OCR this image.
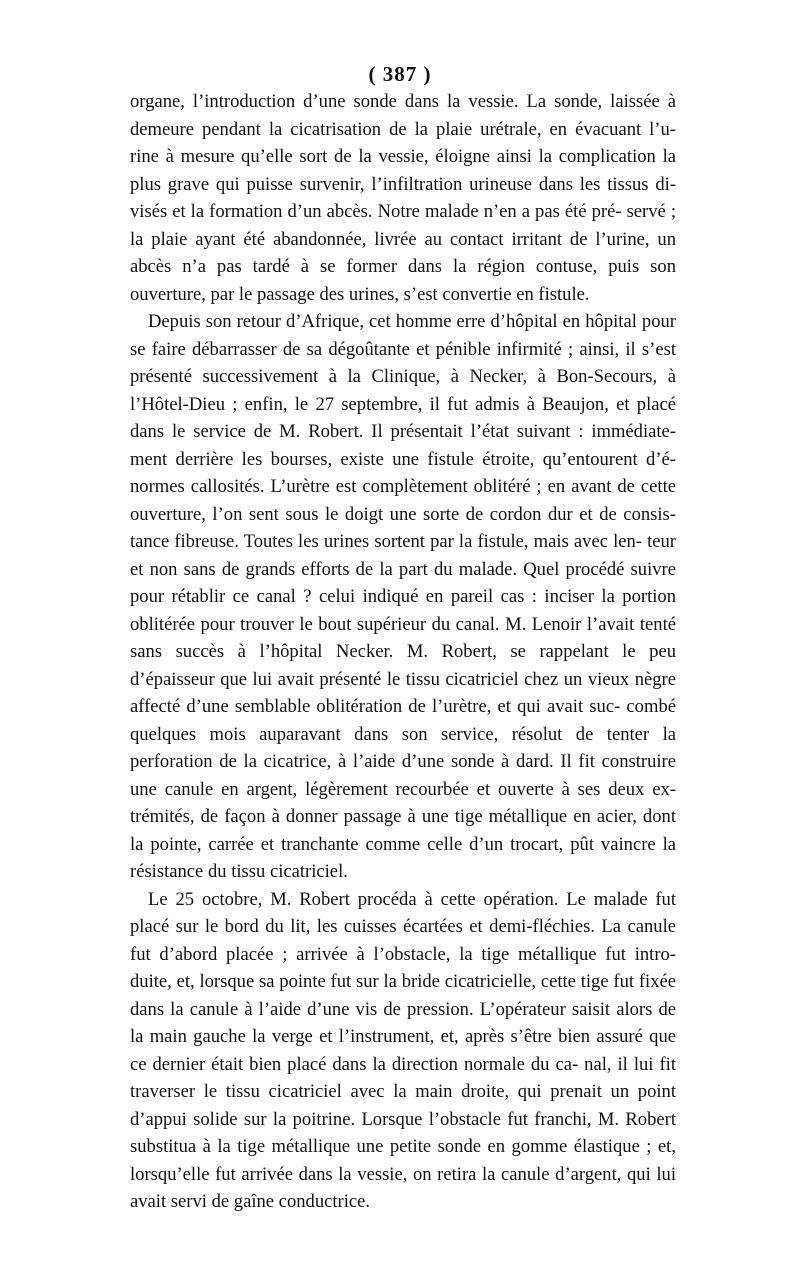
( 387 )

organe, l’introduction d’une sonde dans la vessie. La sonde, laissée à demeure pendant la cicatrisation de la plaie urétrale, en évacuant l’u- rine à mesure qu’elle sort de la vessie, éloigne ainsi la complication la plus grave qui puisse survenir, l’infiltration urineuse dans les tissus di- visés et la formation d’un abcès. Notre malade n’en a pas été pré- servé ; la plaie ayant été abandonnée, livrée au contact irritant de l’urine, un abcès n’a pas tardé à se former dans la région contuse, puis son ouverture, par le passage des urines, s’est convertie en fistule.

Depuis son retour d’Afrique, cet homme erre d’hôpital en hôpital pour se faire débarrasser de sa dégoûtante et pénible infirmité ; ainsi, il s’est présenté successivement à la Clinique, à Necker, à Bon-Secours, à l’Hôtel-Dieu ; enfin, le 27 septembre, il fut admis à Beaujon, et placé dans le service de M. Robert. Il présentait l’état suivant : immédiate- ment derrière les bourses, existe une fistule étroite, qu’entourent d’é- normes callosités. L’urètre est complètement oblitéré ; en avant de cette ouverture, l’on sent sous le doigt une sorte de cordon dur et de consis- tance fibreuse. Toutes les urines sortent par la fistule, mais avec len- teur et non sans de grands efforts de la part du malade. Quel procédé suivre pour rétablir ce canal ? celui indiqué en pareil cas : inciser la portion oblitérée pour trouver le bout supérieur du canal. M. Lenoir l’avait tenté sans succès à l’hôpital Necker. M. Robert, se rappelant le peu d’épaisseur que lui avait présenté le tissu cicatriciel chez un vieux nègre affecté d’une semblable oblitération de l’urètre, et qui avait suc- combé quelques mois auparavant dans son service, résolut de tenter la perforation de la cicatrice, à l’aide d’une sonde à dard. Il fit construire une canule en argent, légèrement recourbée et ouverte à ses deux ex- trémités, de façon à donner passage à une tige métallique en acier, dont la pointe, carrée et tranchante comme celle d’un trocart, pût vaincre la résistance du tissu cicatriciel.

Le 25 octobre, M. Robert procéda à cette opération. Le malade fut placé sur le bord du lit, les cuisses écartées et demi-fléchies. La canule fut d’abord placée ; arrivée à l’obstacle, la tige métallique fut intro- duite, et, lorsque sa pointe fut sur la bride cicatricielle, cette tige fut fixée dans la canule à l’aide d’une vis de pression. L’opérateur saisit alors de la main gauche la verge et l’instrument, et, après s’être bien assuré que ce dernier était bien placé dans la direction normale du ca- nal, il lui fit traverser le tissu cicatriciel avec la main droite, qui prenait un point d’appui solide sur la poitrine. Lorsque l’obstacle fut franchi, M. Robert substitua à la tige métallique une petite sonde en gomme élastique ; et, lorsqu’elle fut arrivée dans la vessie, on retira la canule d’argent, qui lui avait servi de gaîne conductrice.
